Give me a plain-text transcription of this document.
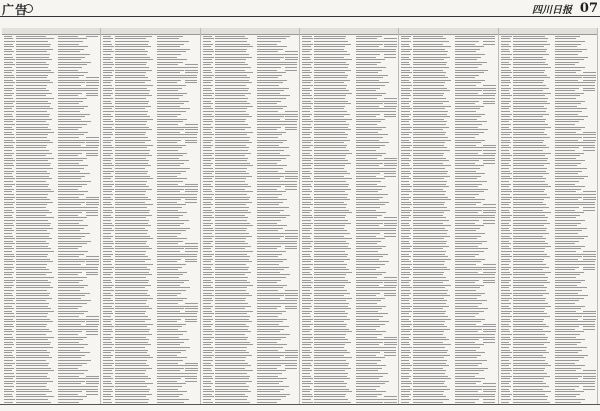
广告	四川日报 07
